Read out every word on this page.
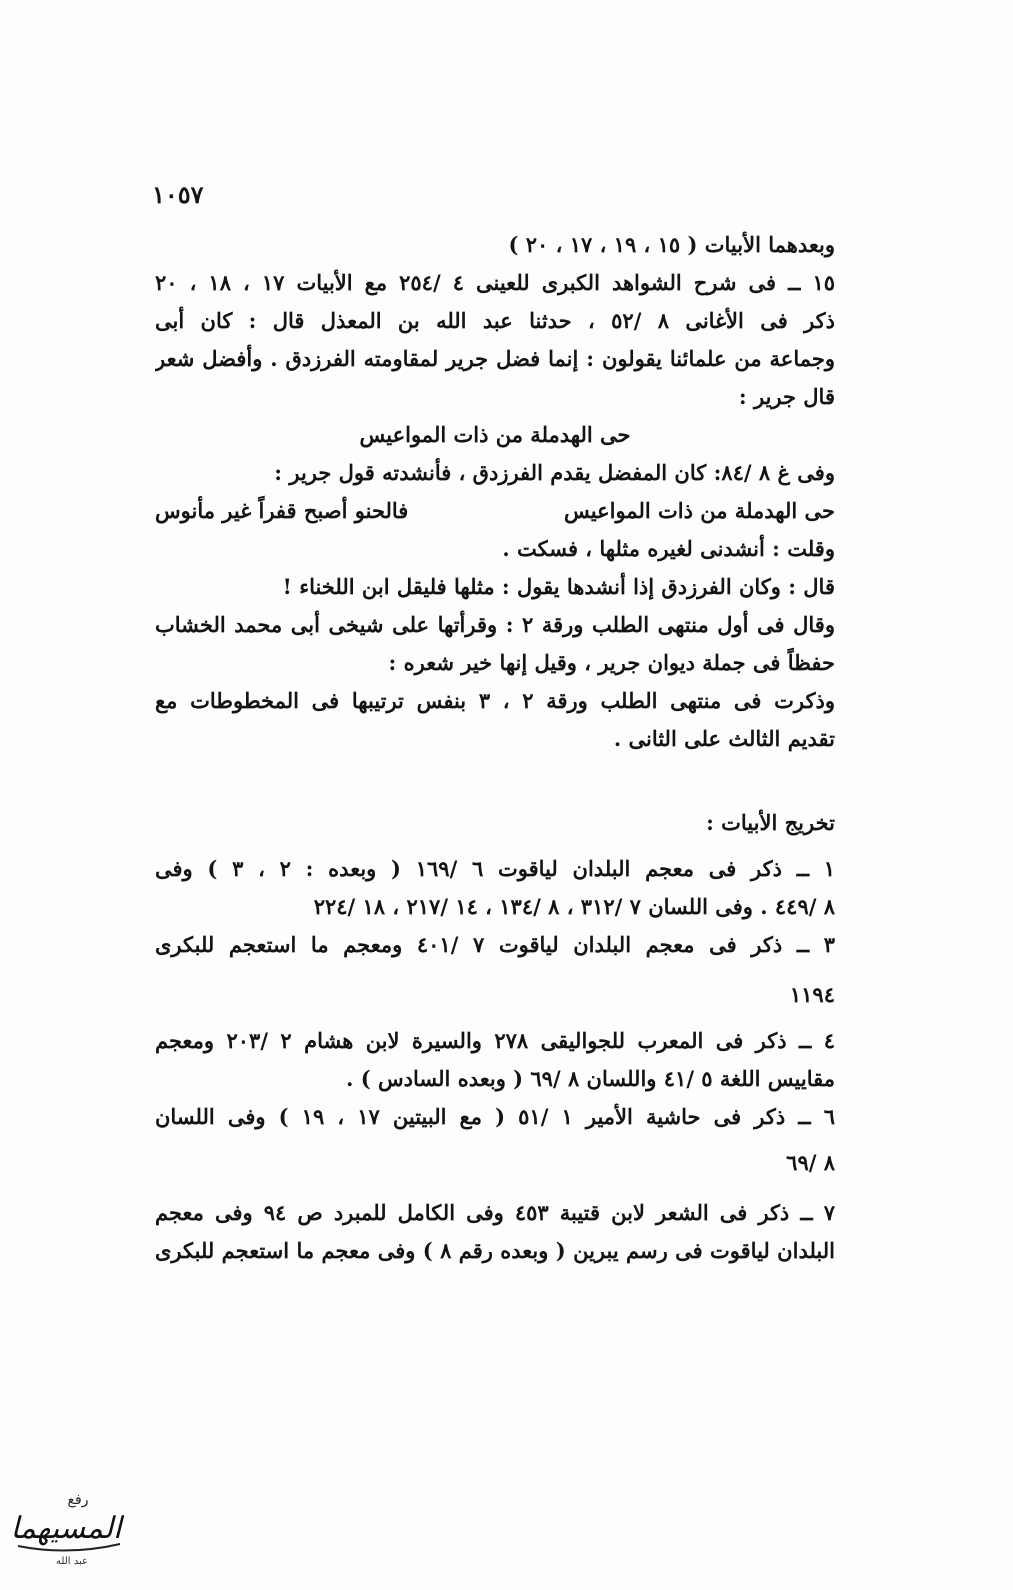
١٠٥٧
وبعدهما الأبيات ( ١٥ ، ١٩ ، ١٧ ، ٢٠ )
١٥ ــ فى شرح الشواهد الكبرى للعينى ٤ /٢٥٤ مع الأبيات ١٧ ، ١٨ ، ٢٠
ذكر فى الأغانى ٨ /٥٢ ، حدثنا عبد الله بن المعذل قال : كان أبى
وجماعة من علمائنا يقولون : إنما فضل جرير لمقاومته الفرزدق . وأفضل شعر
قال جرير :
حى الهدملة من ذات المواعيس
وفى غ ٨ /٨٤: كان المفضل يقدم الفرزدق ، فأنشدته قول جرير :
حى الهدملة من ذات المواعيس
فالحنو أصبح قفراً غير مأنوس
وقلت : أنشدنى لغيره مثلها ، فسكت .
قال : وكان الفرزدق إذا أنشدها يقول : مثلها فليقل ابن اللخناء !
وقال فى أول منتهى الطلب ورقة ٢ : وقرأتها على شيخى أبى محمد الخشاب
حفظاً فى جملة ديوان جرير ، وقيل إنها خير شعره :
وذكرت فى منتهى الطلب ورقة ٢ ، ٣ بنفس ترتيبها فى المخطوطات مع
تقديم الثالث على الثانى .
تخريج الأبيات :
١ ــ ذكر فى معجم البلدان لياقوت ٦ /١٦٩ ( وبعده : ٢ ، ٣ ) وفى
٨ /٤٤٩ . وفى اللسان ٧ /٣١٢ ، ٨ /١٣٤ ، ١٤ /٢١٧ ، ١٨ /٢٢٤
٣ ــ ذكر فى معجم البلدان لياقوت ٧ /٤٠١ ومعجم ما استعجم للبكرى
١١٩٤
٤ ــ ذكر فى المعرب للجواليقى ٢٧٨ والسيرة لابن هشام ٢ /٢٠٣ ومعجم
مقاييس اللغة ٥ /٤١ واللسان ٨ /٦٩ ( وبعده السادس ) .
٦ ــ ذكر فى حاشية الأمير ١ /٥١ ( مع البيتين ١٧ ، ١٩ ) وفى اللسان
٨ /٦٩
٧ ــ ذكر فى الشعر لابن قتيبة ٤٥٣ وفى الكامل للمبرد ص ٩٤ وفى معجم
البلدان لياقوت فى رسم يبرين ( وبعده رقم ٨ ) وفى معجم ما استعجم للبكرى
رفع
المسيهما
عبد الله
